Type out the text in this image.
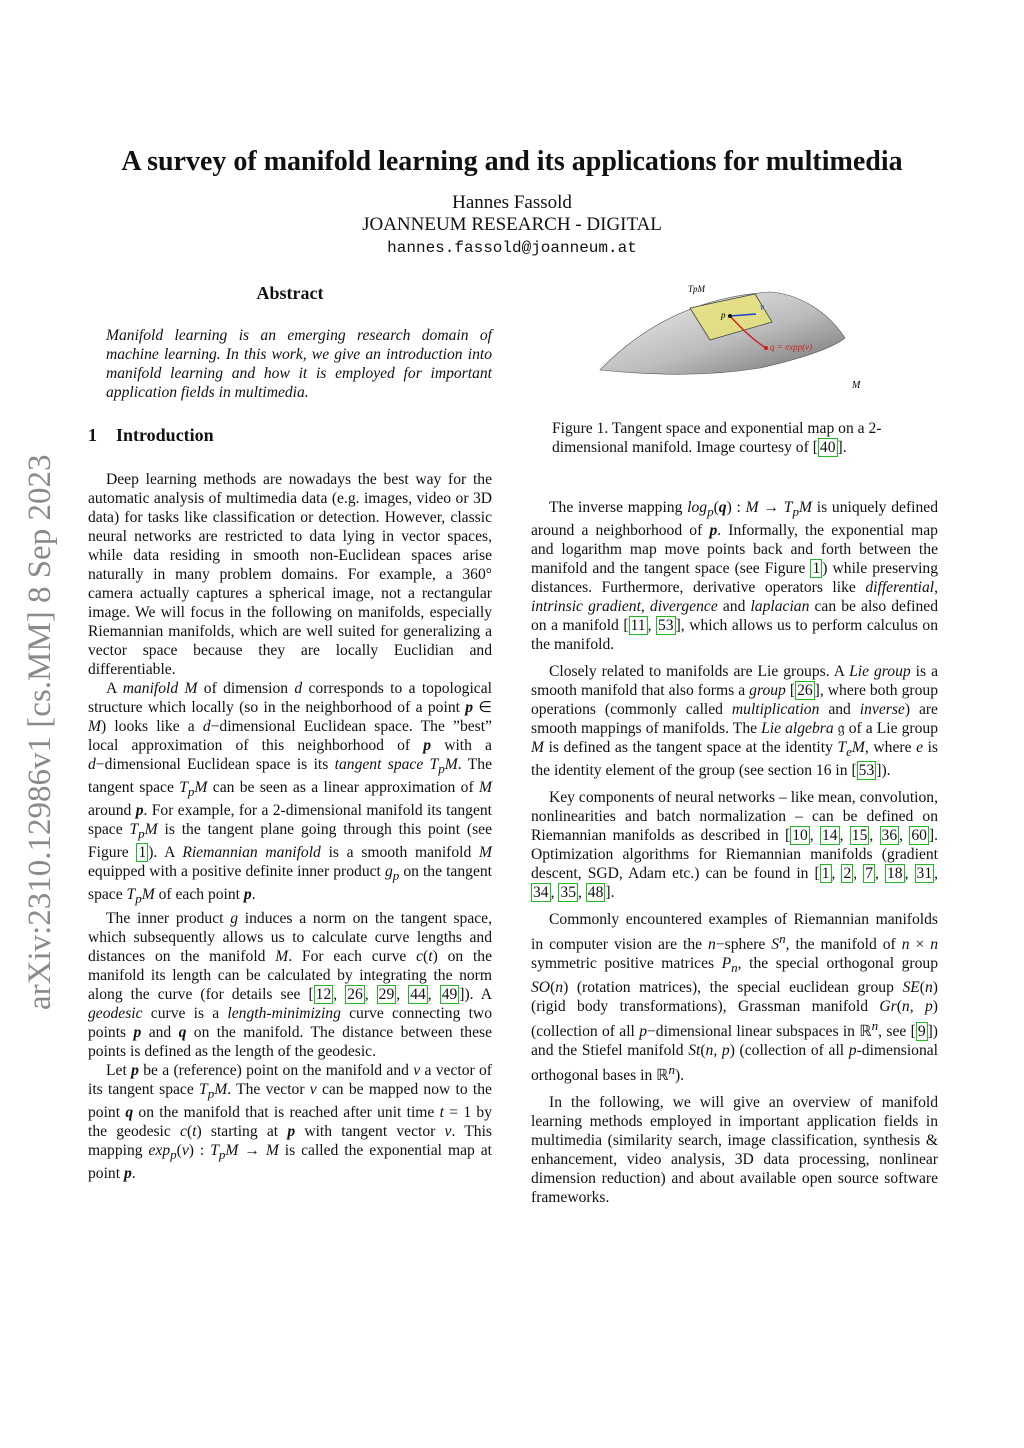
arXiv:2310.12986v1 [cs.MM] 8 Sep 2023
A survey of manifold learning and its applications for multimedia
Hannes Fassold
JOANNEUM RESEARCH - DIGITAL
hannes.fassold@joanneum.at
Abstract
Manifold learning is an emerging research domain of machine learning. In this work, we give an introduction into manifold learning and how it is employed for important application fields in multimedia.
1 Introduction
TpM
p
v
q = expp(v)
M
Figure 1. Tangent space and exponential map on a 2-dimensional manifold. Image courtesy of [ 40 ].

Deep learning methods are nowadays the best way for the automatic analysis of multimedia data (e.g. images, video or 3D data) for tasks like classification or detection. However, classic neural networks are restricted to data lying in vector spaces, while data residing in smooth non-Euclidean spaces arise naturally in many problem domains. For example, a 360° camera actually captures a spherical image, not a rectangular image. We will focus in the following on manifolds, especially Riemannian manifolds, which are well suited for generalizing a vector space because they are locally Euclidian and differentiable.

A manifold M of dimension d corresponds to a topological structure which locally (so in the neighborhood of a point p ∈ M) looks like a d−dimensional Euclidean space. The ”best” local approximation of this neighborhood of p with a d−dimensional Euclidean space is its tangent space $T_pM$. The tangent space $T_pM$ can be seen as a linear approximation of M around p. For example, for a 2-dimensional manifold its tangent space $T_pM$ is the tangent plane going through this point (see Figure 1 ). A Riemannian manifold is a smooth manifold M equipped with a positive definite inner product $g_p$ on the tangent space $T_pM$ of each point p.

The inner product g induces a norm on the tangent space, which subsequently allows us to calculate curve lengths and distances on the manifold M. For each curve c(t) on the manifold its length can be calculated by integrating the norm along the curve (for details see [ 12 , 26 , 29 , 44 , 49 ]). A geodesic curve is a length-minimizing curve connecting two points p and q on the manifold. The distance between these points is defined as the length of the geodesic.

Let p be a (reference) point on the manifold and v a vector of its tangent space $T_pM$. The vector v can be mapped now to the point q on the manifold that is reached after unit time t = 1 by the geodesic c(t) starting at p with tangent vector v. This mapping $\exp_p(v)$ : $T_pM \to M$ is called the exponential map at point p.

The inverse mapping $\log_p(q)$ : $M \to T_pM$ is uniquely defined around a neighborhood of p. Informally, the exponential map and logarithm map move points back and forth between the manifold and the tangent space (see Figure 1 ) while preserving distances. Furthermore, derivative operators like differential, intrinsic gradient, divergence and laplacian can be also defined on a manifold [ 11 , 53 ], which allows us to perform calculus on the manifold.

Closely related to manifolds are Lie groups. A Lie group is a smooth manifold that also forms a group [ 26 ], where both group operations (commonly called multiplication and inverse) are smooth mappings of manifolds. The Lie algebra 𝔤 of a Lie group M is defined as the tangent space at the identity $T_eM$, where e is the identity element of the group (see section 16 in [ 53 ]).

Key components of neural networks – like mean, convolution, nonlinearities and batch normalization – can be defined on Riemannian manifolds as described in [ 10 , 14 , 15 , 36 , 60 ]. Optimization algorithms for Riemannian manifolds (gradient descent, SGD, Adam etc.) can be found in [ 1 , 2 , 7 , 18 , 31 , 34 , 35 , 48 ].

Commonly encountered examples of Riemannian manifolds in computer vision are the n−sphere $S^n$, the manifold of n × n symmetric positive matrices $P_n$, the special orthogonal group SO(n) (rotation matrices), the special euclidean group SE(n) (rigid body transformations), Grassman manifold Gr(n, p) (collection of all p−dimensional linear subspaces in ℝ$^n$, see [ 9 ]) and the Stiefel manifold St(n, p) (collection of all p-dimensional orthogonal bases in ℝ$^n$).

In the following, we will give an overview of manifold learning methods employed in important application fields in multimedia (similarity search, image classification, synthesis & enhancement, video analysis, 3D data processing, nonlinear dimension reduction) and about available open source software frameworks.
